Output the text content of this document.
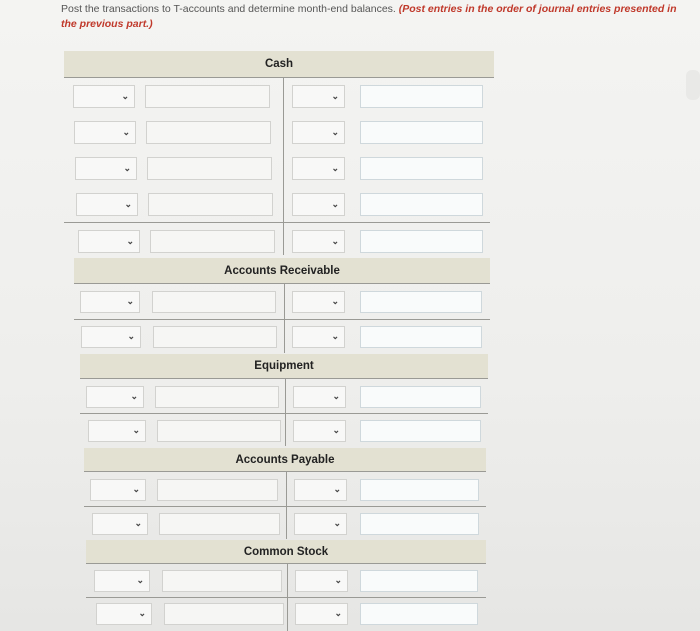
Post the transactions to T-accounts and determine month-end balances. (Post entries in the order of journal entries presented in the previous part.)
Cash
⌄	⌄
⌄	⌄
⌄	⌄
⌄	⌄
⌄	⌄
Accounts Receivable
⌄	⌄
⌄	⌄
Equipment
⌄	⌄
⌄	⌄
Accounts Payable
⌄	⌄
⌄	⌄
Common Stock
⌄	⌄
⌄	⌄
